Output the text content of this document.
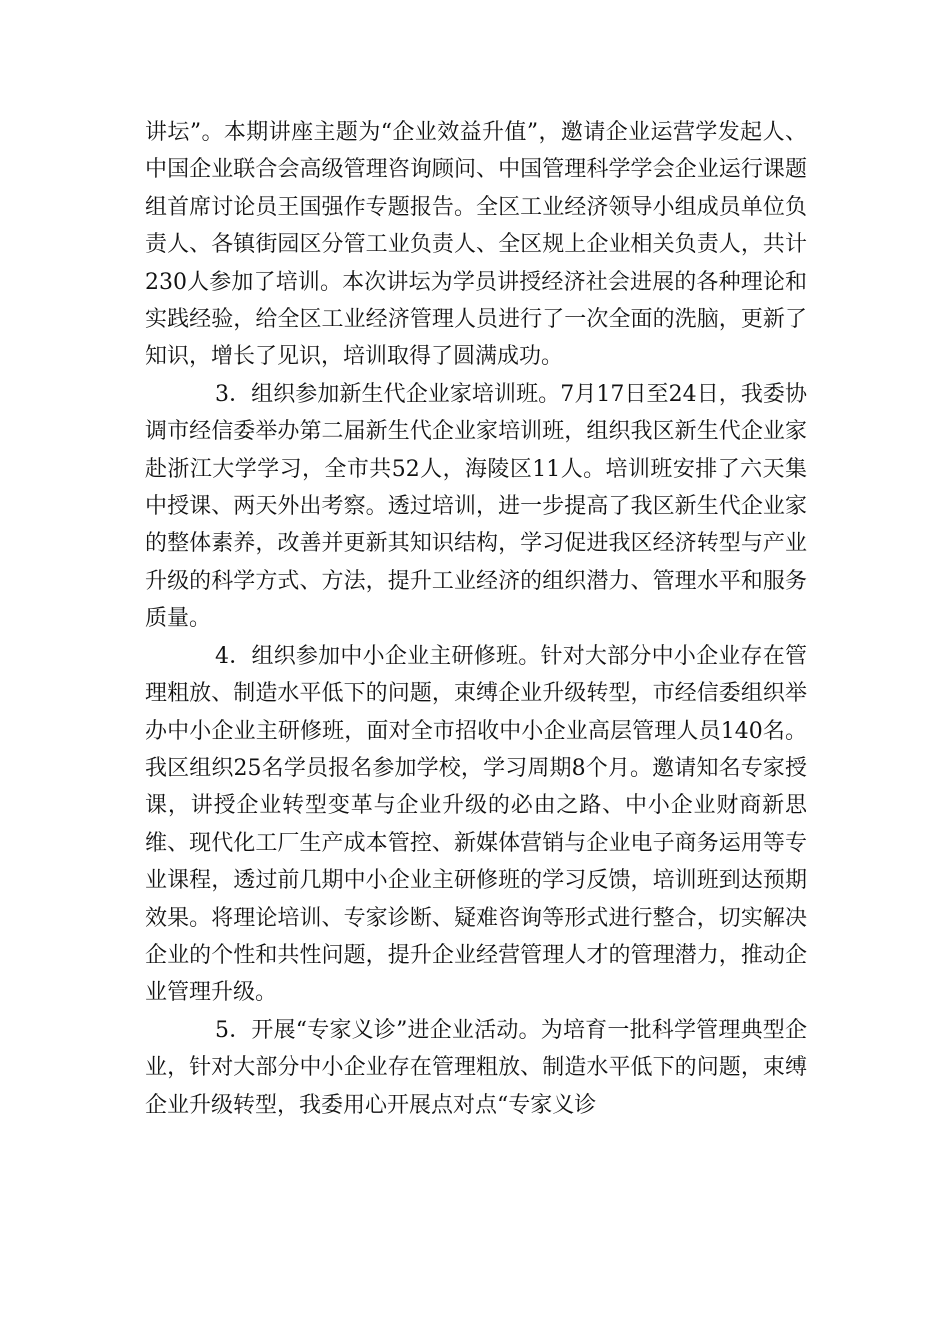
讲坛”。本期讲座主题为“企业效益升值”，邀请企业运营学发起人、中国企业联合会高级管理咨询顾问、中国管理科学学会企业运行课题组首席讨论员王国强作专题报告。全区工业经济领导小组成员单位负责人、各镇街园区分管工业负责人、全区规上企业相关负责人，共计230人参加了培训。本次讲坛为学员讲授经济社会进展的各种理论和实践经验，给全区工业经济管理人员进行了一次全面的洗脑，更新了知识，增长了见识，培训取得了圆满成功。

3．组织参加新生代企业家培训班。7月17日至24日，我委协调市经信委举办第二届新生代企业家培训班，组织我区新生代企业家赴浙江大学学习，全市共52人，海陵区11人。培训班安排了六天集中授课、两天外出考察。透过培训，进一步提高了我区新生代企业家的整体素养，改善并更新其知识结构，学习促进我区经济转型与产业升级的科学方式、方法，提升工业经济的组织潜力、管理水平和服务质量。

4．组织参加中小企业主研修班。针对大部分中小企业存在管理粗放、制造水平低下的问题，束缚企业升级转型，市经信委组织举办中小企业主研修班，面对全市招收中小企业高层管理人员140名。我区组织25名学员报名参加学校，学习周期8个月。邀请知名专家授课，讲授企业转型变革与企业升级的必由之路、中小企业财商新思维、现代化工厂生产成本管控、新媒体营销与企业电子商务运用等专业课程，透过前几期中小企业主研修班的学习反馈，培训班到达预期效果。将理论培训、专家诊断、疑难咨询等形式进行整合，切实解决企业的个性和共性问题，提升企业经营管理人才的管理潜力，推动企业管理升级。

5．开展“专家义诊”进企业活动。为培育一批科学管理典型企业，针对大部分中小企业存在管理粗放、制造水平低下的问题，束缚企业升级转型，我委用心开展点对点“专家义诊
